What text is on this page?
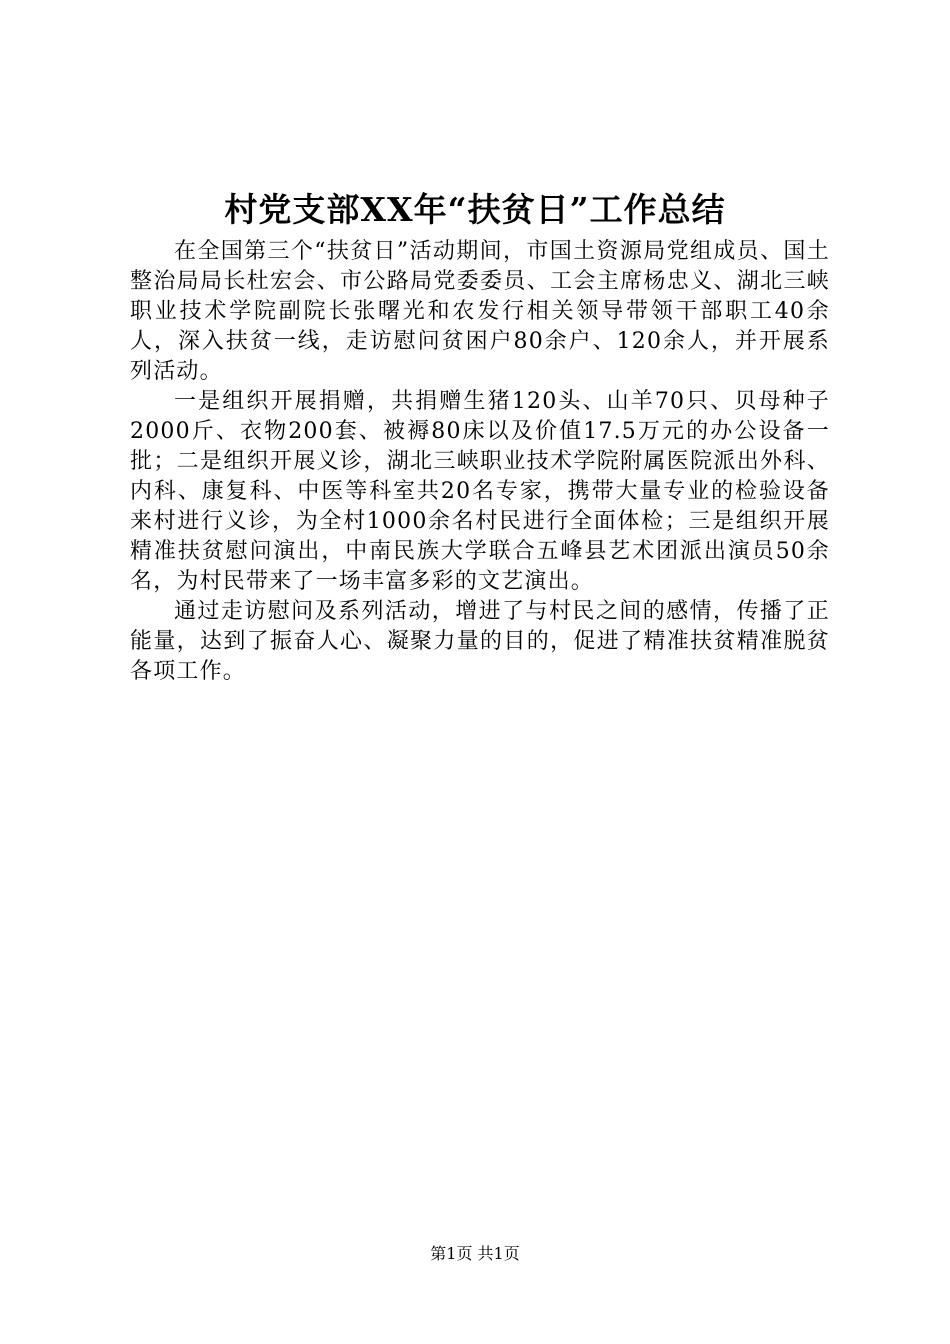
村党支部XX年“扶贫日”工作总结

在全国第三个“扶贫日”活动期间，市国土资源局党组成员、国土整治局局长杜宏会、市公路局党委委员、工会主席杨忠义、湖北三峡职业技术学院副院长张曙光和农发行相关领导带领干部职工40余人，深入扶贫一线，走访慰问贫困户80余户、120余人，并开展系列活动。

一是组织开展捐赠，共捐赠生猪120头、山羊70只、贝母种子2000斤、衣物200套、被褥80床以及价值17.5万元的办公设备一批；二是组织开展义诊，湖北三峡职业技术学院附属医院派出外科、内科、康复科、中医等科室共20名专家，携带大量专业的检验设备来村进行义诊，为全村1000余名村民进行全面体检；三是组织开展精准扶贫慰问演出，中南民族大学联合五峰县艺术团派出演员50余名，为村民带来了一场丰富多彩的文艺演出。

通过走访慰问及系列活动，增进了与村民之间的感情，传播了正能量，达到了振奋人心、凝聚力量的目的，促进了精准扶贫精准脱贫各项工作。

第1页 共1页
